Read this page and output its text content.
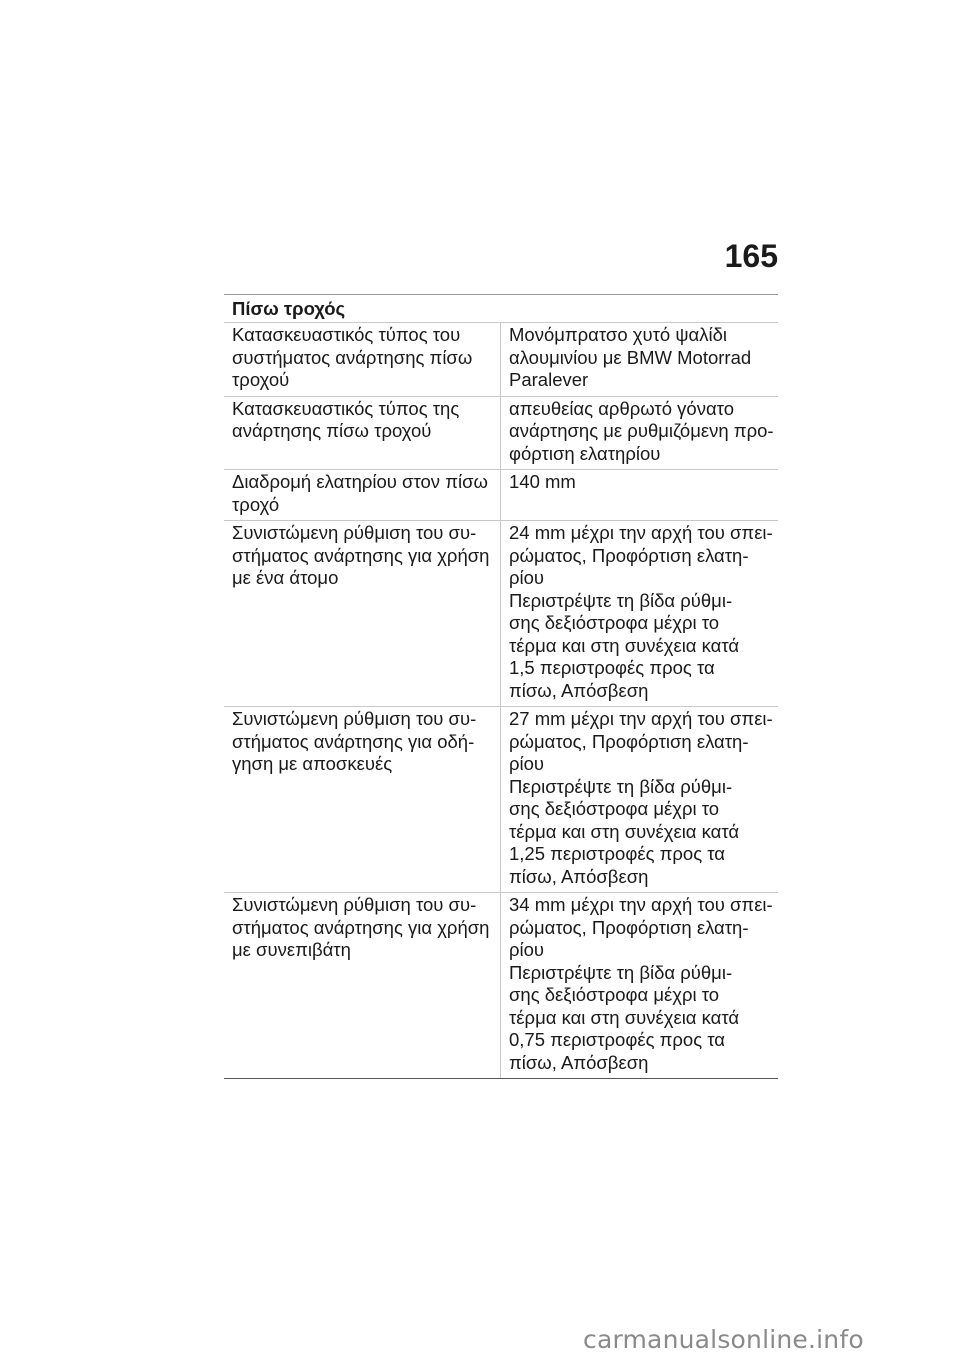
165
Πίσω τροχός
Κατασκευαστικός τύπος του
συστήματος ανάρτησης πίσω
τροχού
Μονόμπρατσο χυτό ψαλίδι
αλουμινίου με BMW Motorrad
Paralever
Κατασκευαστικός τύπος της
ανάρτησης πίσω τροχού
απευθείας αρθρωτό γόνατο
ανάρτησης με ρυθμιζόμενη προ-
φόρτιση ελατηρίου
Διαδρομή ελατηρίου στον πίσω
τροχό
140 mm
Συνιστώμενη ρύθμιση του συ-
στήματος ανάρτησης για χρήση
με ένα άτομο
24 mm μέχρι την αρχή του σπει-
ρώματος, Προφόρτιση ελατη-
ρίου
Περιστρέψτε τη βίδα ρύθμι-
σης δεξιόστροφα μέχρι το
τέρμα και στη συνέχεια κατά
1,5 περιστροφές προς τα
πίσω, Απόσβεση
Συνιστώμενη ρύθμιση του συ-
στήματος ανάρτησης για οδή-
γηση με αποσκευές
27 mm μέχρι την αρχή του σπει-
ρώματος, Προφόρτιση ελατη-
ρίου
Περιστρέψτε τη βίδα ρύθμι-
σης δεξιόστροφα μέχρι το
τέρμα και στη συνέχεια κατά
1,25 περιστροφές προς τα
πίσω, Απόσβεση
Συνιστώμενη ρύθμιση του συ-
στήματος ανάρτησης για χρήση
με συνεπιβάτη
34 mm μέχρι την αρχή του σπει-
ρώματος, Προφόρτιση ελατη-
ρίου
Περιστρέψτε τη βίδα ρύθμι-
σης δεξιόστροφα μέχρι το
τέρμα και στη συνέχεια κατά
0,75 περιστροφές προς τα
πίσω, Απόσβεση
carmanualsonline.info
